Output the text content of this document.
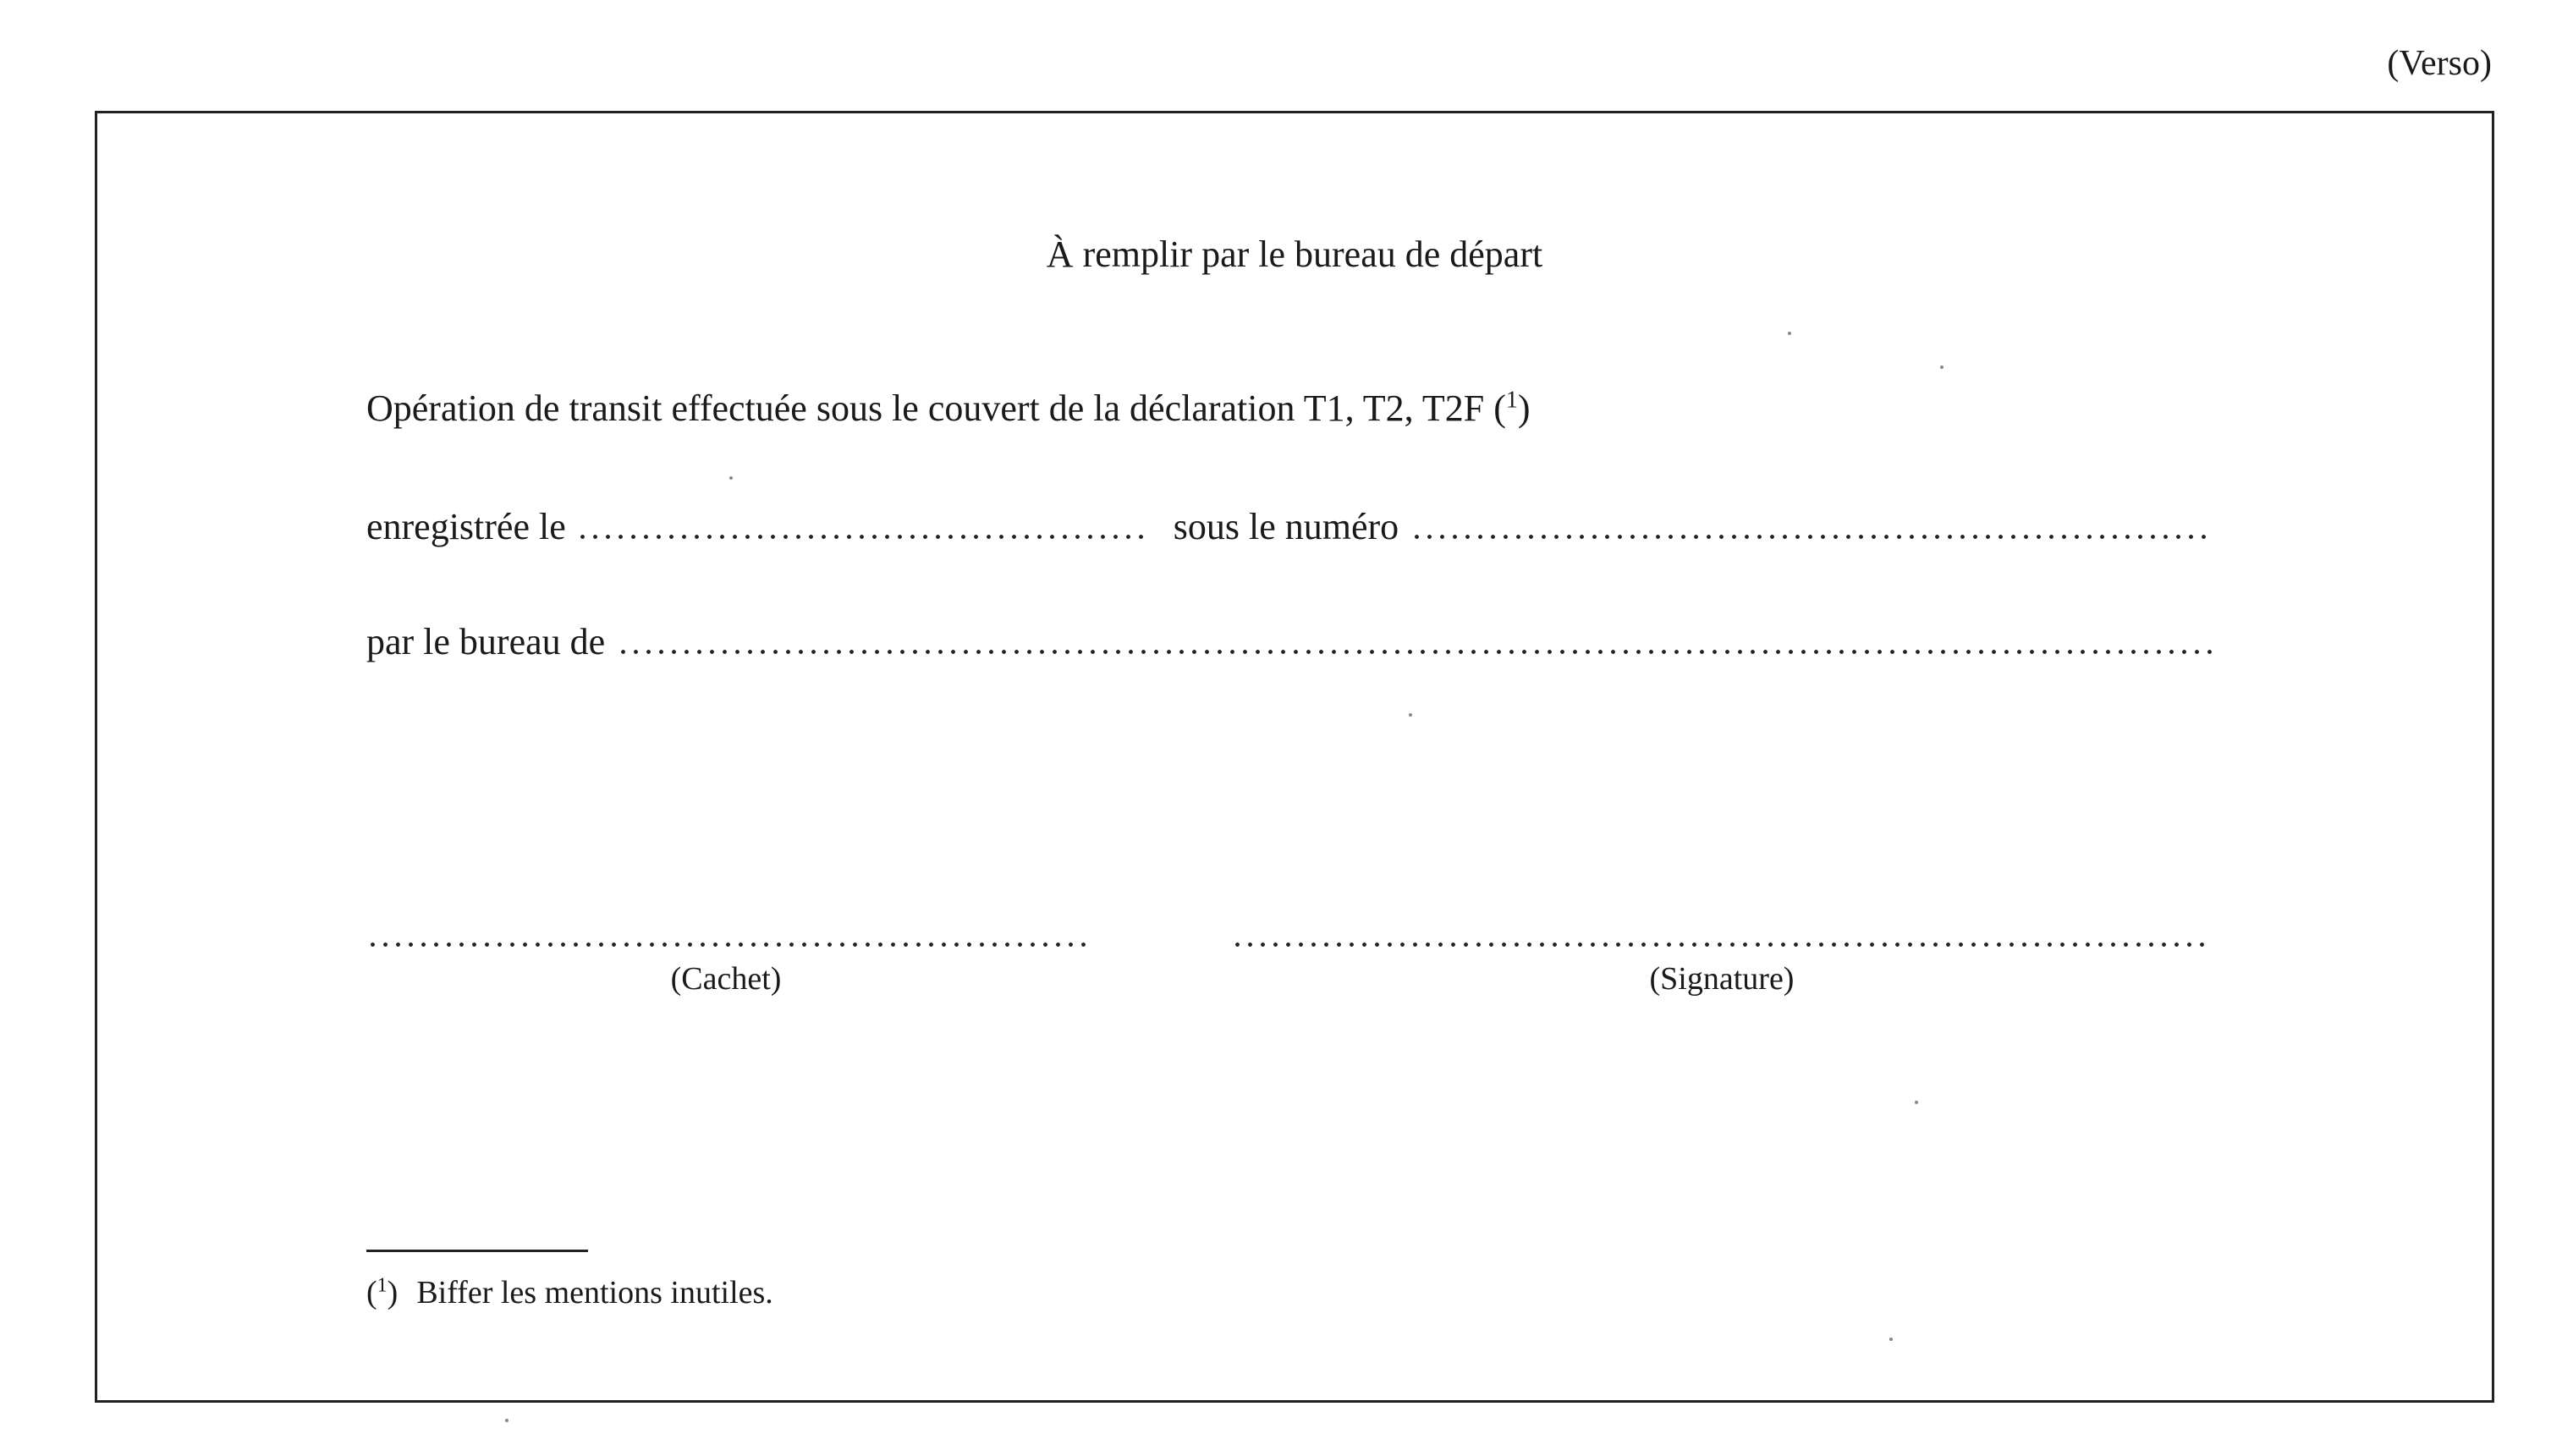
(Verso)
À remplir par le bureau de départ
Opération de transit effectuée sous le couvert de la déclaration T1, T2, T2F ($^1$)
enregistrée le	sous le numéro
par le bureau de
(Cachet)	(Signature)
($^1$) Biffer les mentions inutiles.
